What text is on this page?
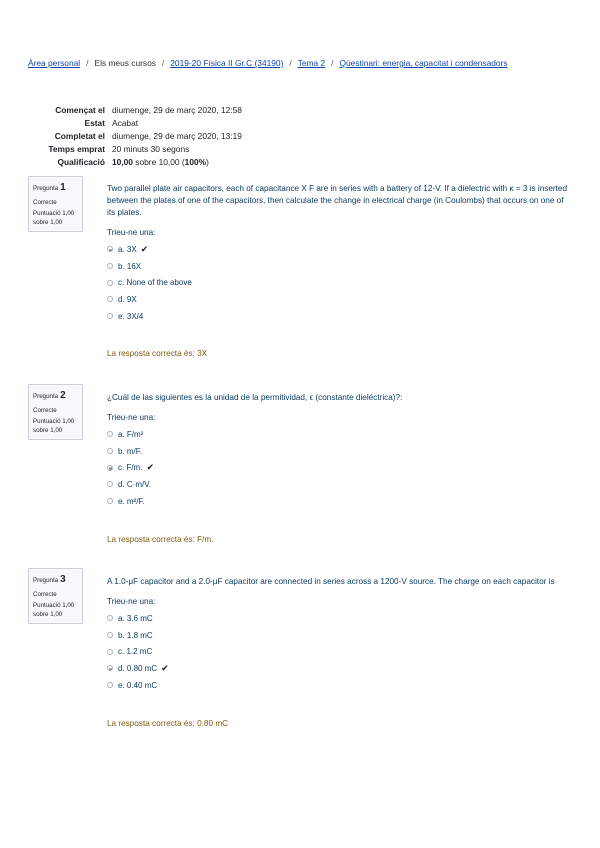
Àrea personal / Els meus cursos / 2019-20 Física II Gr.C (34190) / Tema 2 / Qüestinari: energia, capacitat i condensadors
Començat el	diumenge, 29 de març 2020, 12:58
Estat	Acabat
Completat el	diumenge, 29 de març 2020, 13:19
Temps emprat	20 minuts 30 segons
Qualificació	10,00 sobre 10,00 (100%)
Pregunta 1
Correcte
Puntuació 1,00 sobre 1,00
Two parallel plate air capacitors, each of capacitance X F are in series with a battery of 12-V. If a dielectric with κ = 3 is inserted between the plates of one of the capacitors, then calculate the change in electrical charge (in Coulombs) that occurs on one of its plates.
Trieu-ne una:
a. 3X ✔
b. 16X
c. None of the above
d. 9X
e. 3X/4
La resposta correcta és: 3X
Pregunta 2
Correcte
Puntuació 1,00 sobre 1,00
¿Cuál de las siguientes es la unidad de la permitividad, ϵ (constante dieléctrica)?:
Trieu-ne una:
a. F/m²
b. m/F.
c. F/m. ✔
d. C·m/V.
e. m²/F.
La resposta correcta és: F/m.
Pregunta 3
Correcte
Puntuació 1,00 sobre 1,00
A 1.0-μF capacitor and a 2.0-μF capacitor are connected in series across a 1200-V source. The charge on each capacitor is
Trieu-ne una:
a. 3.6 mC
b. 1.8 mC
c. 1.2 mC
d. 0.80 mC ✔
e. 0.40 mC
La resposta correcta és: 0.80 mC
